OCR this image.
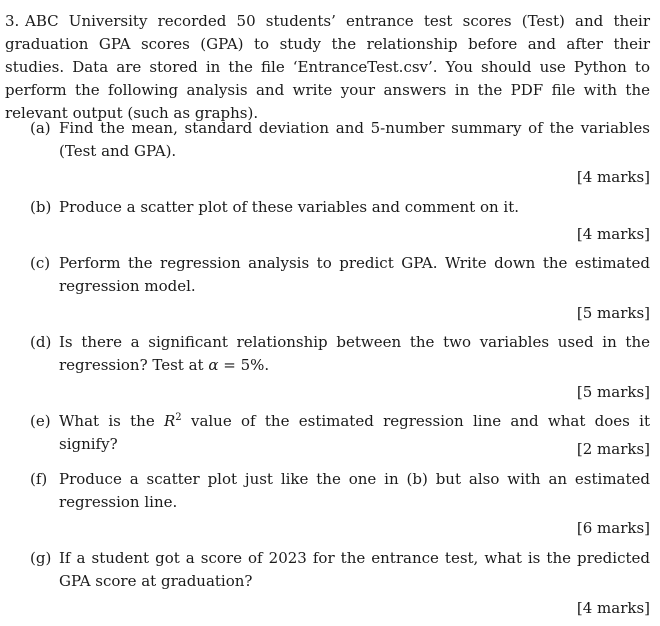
3. ABC University recorded 50 students’ entrance test scores (Test) and their graduation GPA scores (GPA) to study the relationship before and after their studies. Data are stored in the file ‘EntranceTest.csv’. You should use Python to perform the following analysis and write your answers in the PDF file with the relevant output (such as graphs).
(a) Find the mean, standard deviation and 5-number summary of the variables (Test and GPA).
[4 marks]
(b) Produce a scatter plot of these variables and comment on it.
[4 marks]
(c) Perform the regression analysis to predict GPA. Write down the estimated regression model.
[5 marks]
(d) Is there a significant relationship between the two variables used in the regression? Test at α = 5%.
[5 marks]
(e) What is the $R^2$ value of the estimated regression line and what does it signify?	[2 marks]
(f) Produce a scatter plot just like the one in (b) but also with an estimated regression line.
[6 marks]
(g) If a student got a score of 2023 for the entrance test, what is the predicted GPA score at graduation?
[4 marks]
